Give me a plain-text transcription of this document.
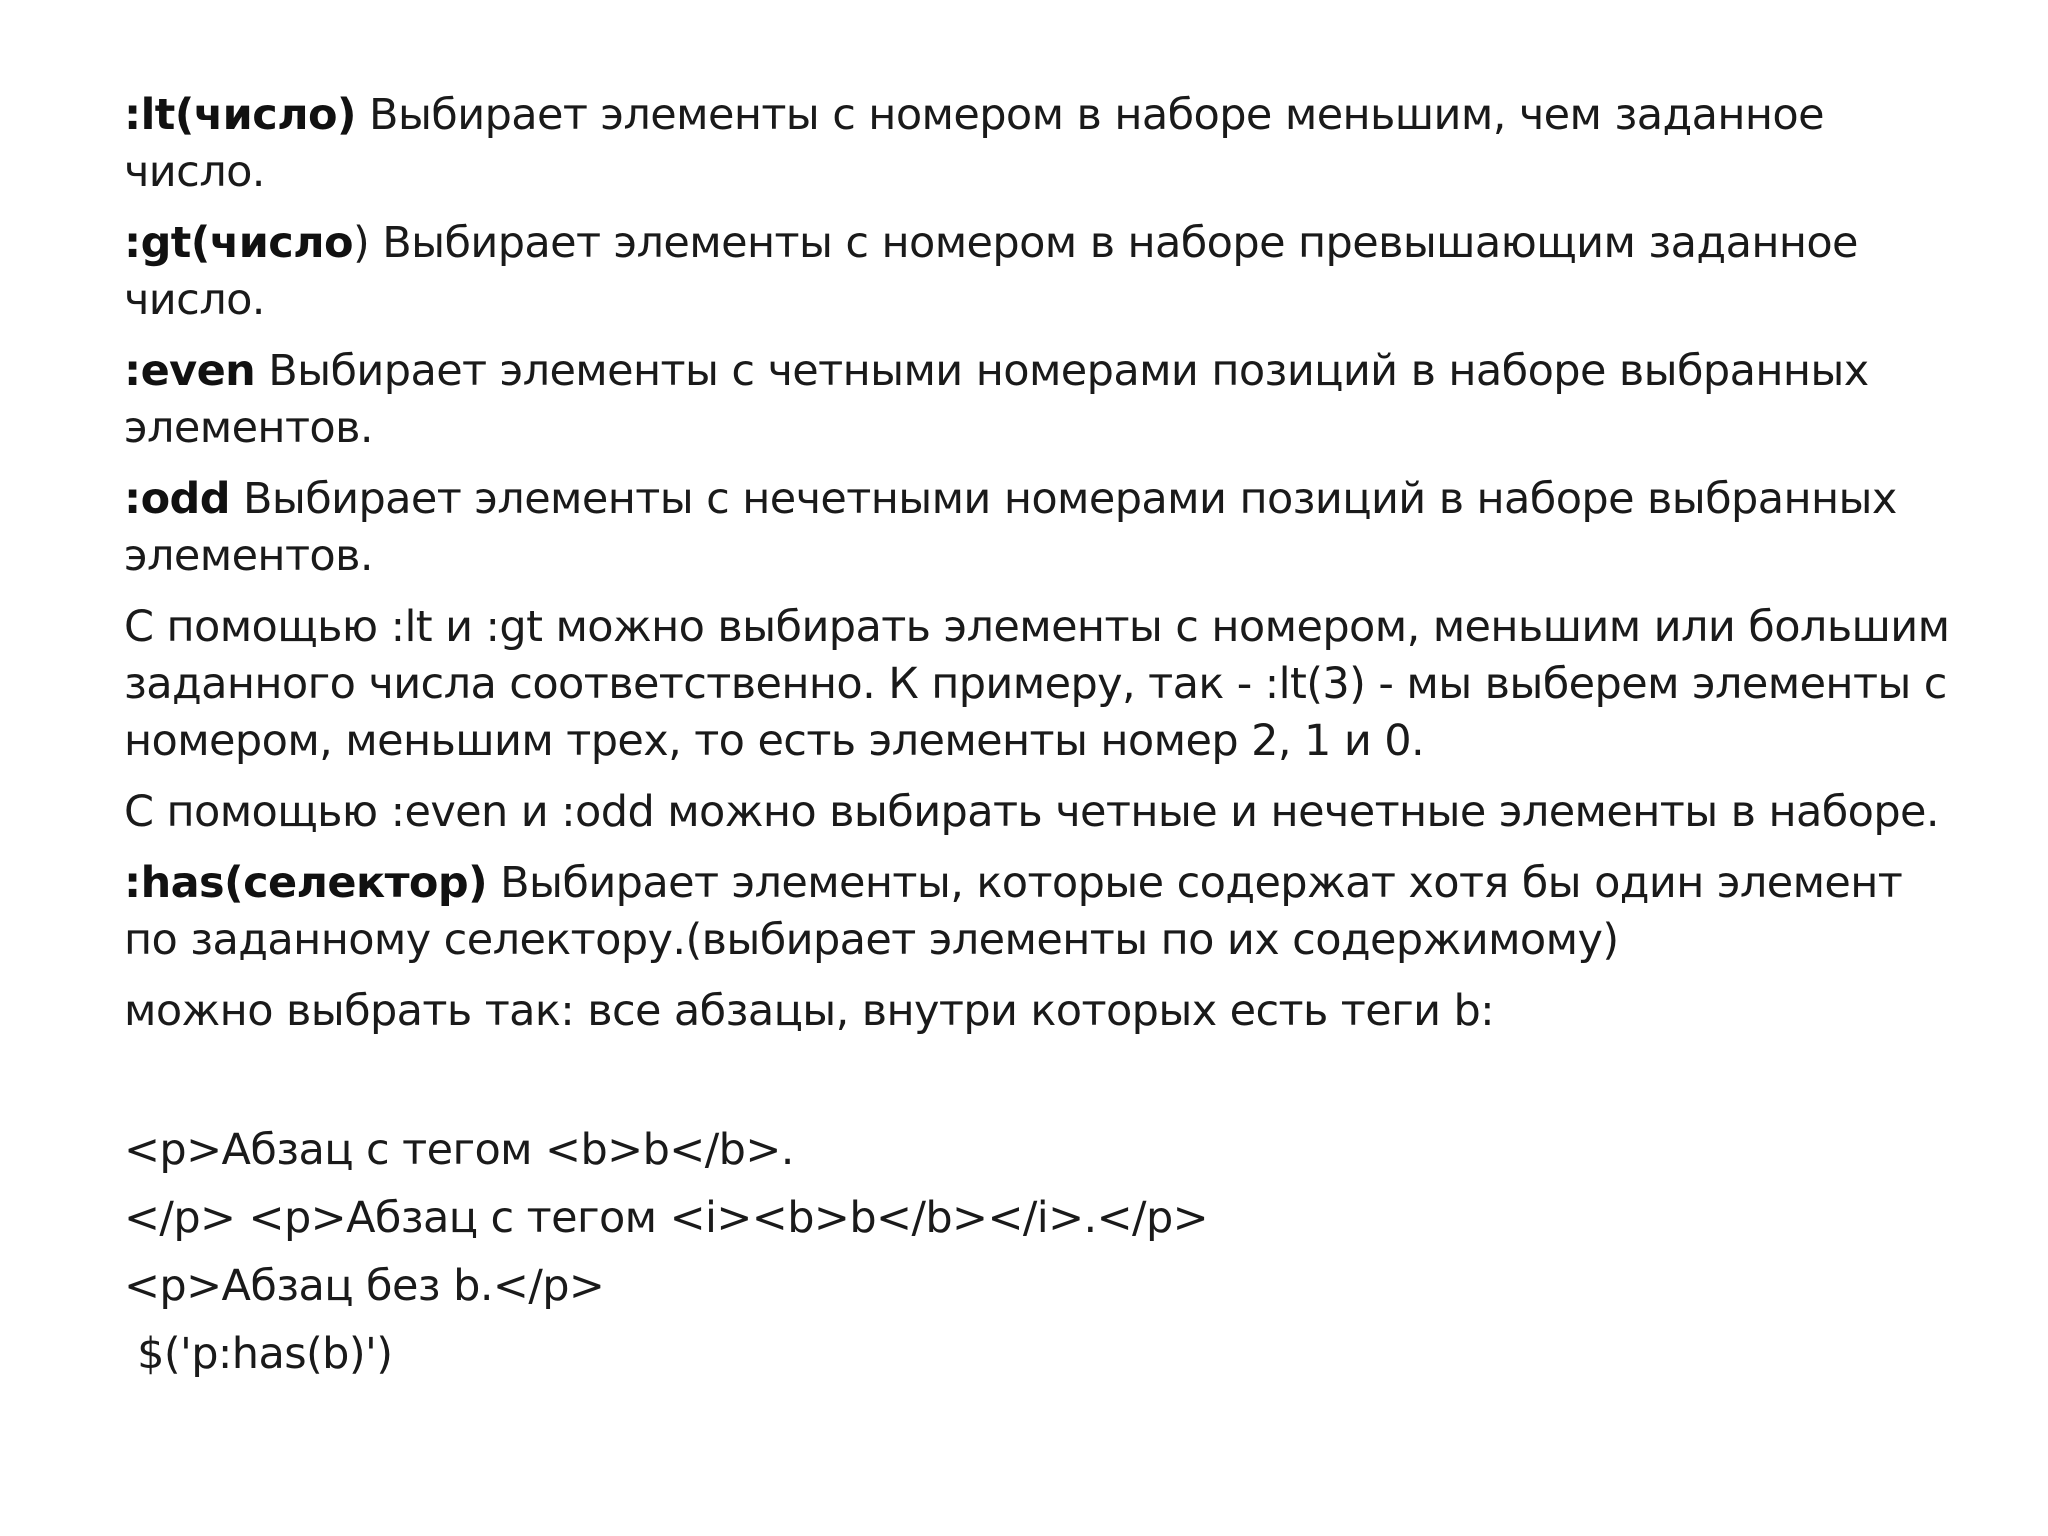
:lt(число) Выбирает элементы с номером в наборе меньшим, чем заданное число.

:gt(число) Выбирает элементы с номером в наборе превышающим заданное число.

:even Выбирает элементы с четными номерами позиций в наборе выбранных элементов.

:odd Выбирает элементы с нечетными номерами позиций в наборе выбранных элементов.

С помощью :lt и :gt можно выбирать элементы с номером, меньшим или большим заданного числа соответственно. К примеру, так - :lt(3) - мы выберем элементы с номером, меньшим трех, то есть элементы номер 2, 1 и 0.

С помощью :even и :odd можно выбирать четные и нечетные элементы в наборе.

:has(селектор) Выбирает элементы, которые содержат хотя бы один элемент по заданному селектору.(выбирает элементы по их содержимому)

можно выбрать так: все абзацы, внутри которых есть теги b:

<p>Абзац с тегом <b>b</b>.
</p> <p>Абзац с тегом <i><b>b</b></i>.</p>
<p>Абзац без b.</p>
$('p:has(b)')
